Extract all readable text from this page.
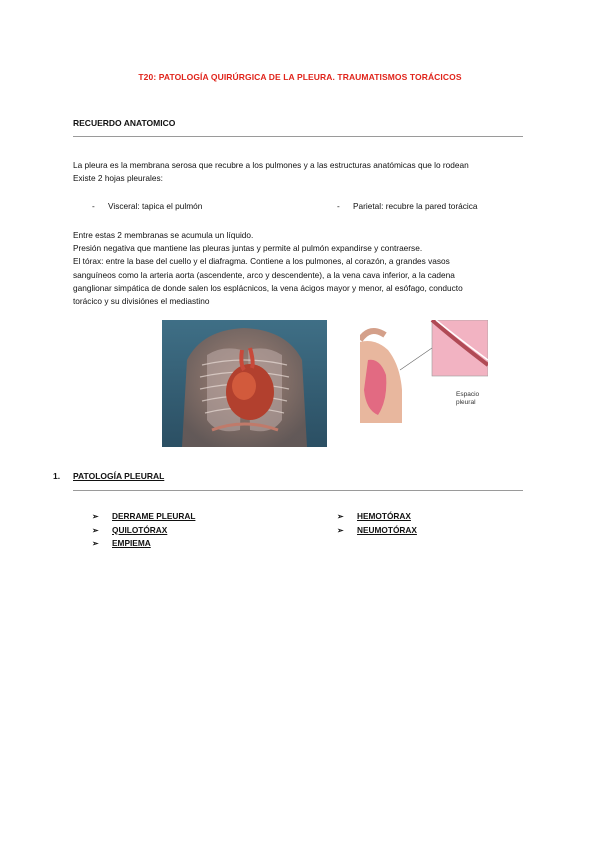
T20: PATOLOGÍA QUIRÚRGICA DE LA PLEURA. TRAUMATISMOS TORÁCICOS
RECUERDO ANATOMICO
La pleura es la membrana serosa que recubre a los pulmones y a las estructuras anatómicas que lo rodean
Existe 2 hojas pleurales:
- Visceral: tapica el pulmón	- Parietal: recubre la pared torácica
Entre estas 2 membranas se acumula un líquido.
Presión negativa que mantiene las pleuras juntas y permite al pulmón expandirse y contraerse.
El tórax: entre la base del cuello y el diafragma. Contiene a los pulmones, al corazón, a grandes vasos
sanguíneos como la arteria aorta (ascendente, arco y descendente), a la vena cava inferior, a la cadena
ganglionar simpática de donde salen los esplácnicos, la vena ácigos mayor y menor, al esófago, conducto
torácico y su divisiónes el mediastino
Espacio
pleural
1. PATOLOGÍA PLEURAL
➢ DERRAME PLEURAL
➢ QUILOTÓRAX
➢ EMPIEMA
➢ HEMOTÓRAX
➢ NEUMOTÓRAX
